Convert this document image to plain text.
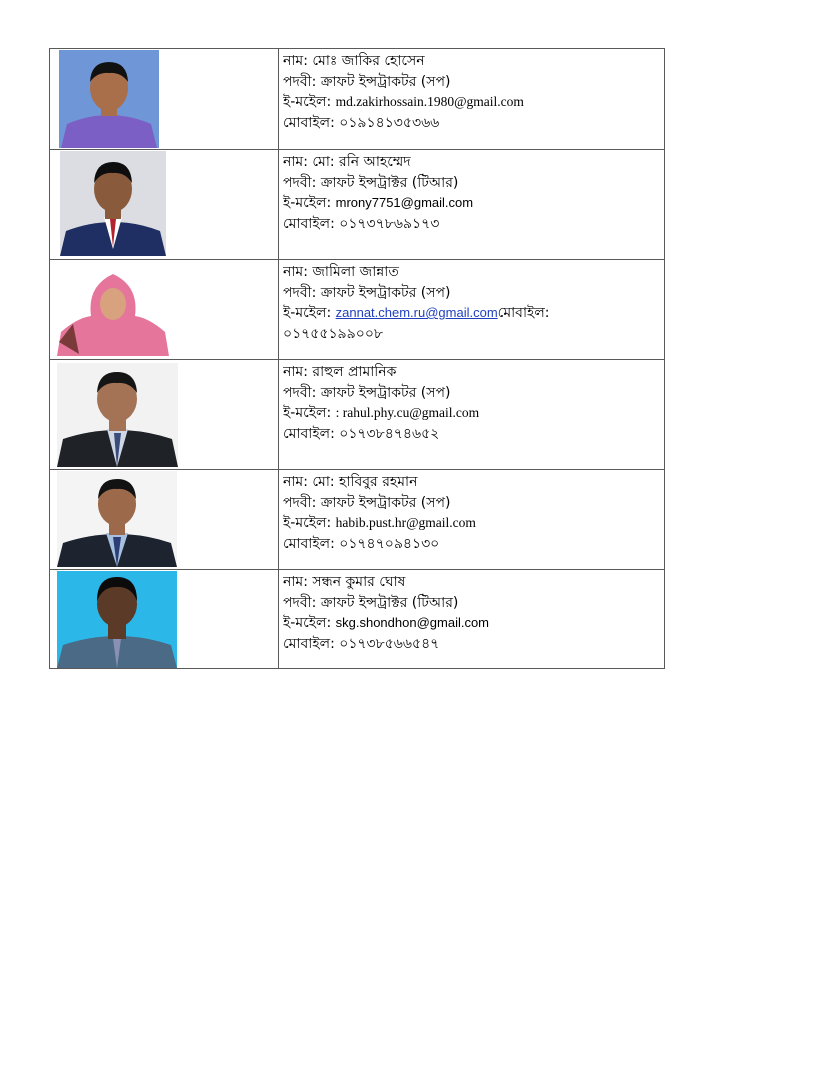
নাম: মোঃ জাকির হোসেন
পদবী: ক্রাফট ইন্সট্রাকটর (সপ)
ই-মইেল: md.zakirhossain.1980@gmail.com
মোবাইল: ০১৯১৪১৩৫৩৬৬

নাম: মো: রনি আহম্মেদ
পদবী: ক্রাফট ইন্সট্রাক্টর (টিআর)
ই-মইেল: mrony7751@gmail.com
মোবাইল: ০১৭৩৭৮৬৯১৭৩

নাম: জামিলা জান্নাত
পদবী: ক্রাফট ইন্সট্রাকটর (সপ)
ই-মইেল: zannat.chem.ru@gmail.comমোবাইল:
০১৭৫৫১৯৯০০৮

নাম: রাহুল প্রামানিক
পদবী: ক্রাফট ইন্সট্রাকটর (সপ)
ই-মইেল: : rahul.phy.cu@gmail.com
মোবাইল: ০১৭৩৮৪৭৪৬৫২

নাম: মো: হাবিবুর রহমান
পদবী: ক্রাফট ইন্সট্রাকটর (সপ)
ই-মইেল: habib.pust.hr@gmail.com
মোবাইল: ০১৭৪৭০৯৪১৩০

নাম: সন্ধন কুমার ঘোষ
পদবী: ক্রাফট ইন্সট্রাক্টর (টিআর)
ই-মইেল: skg.shondhon@gmail.com
মোবাইল: ০১৭৩৮৫৬৬৫৪৭
